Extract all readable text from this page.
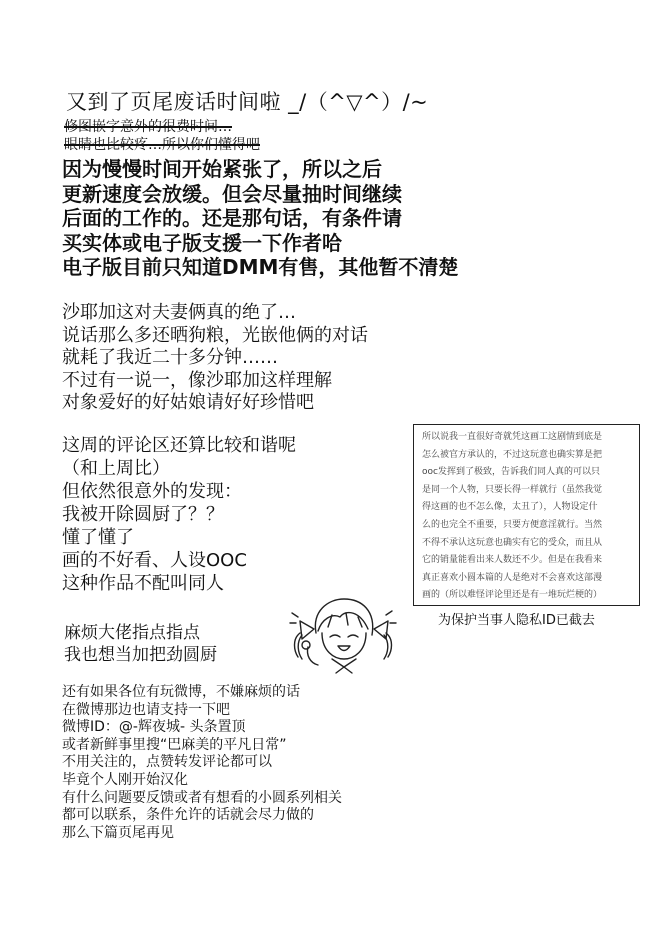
又到了页尾废话时间啦 _/（^▽^）/~
修图嵌字意外的很费时间…
眼睛也比较疼…所以你们懂得吧
因为慢慢时间开始紧张了，所以之后
更新速度会放缓。但会尽量抽时间继续
后面的工作的。还是那句话，有条件请
买实体或电子版支援一下作者哈
电子版目前只知道DMM有售，其他暂不清楚
沙耶加这对夫妻俩真的绝了…
说话那么多还晒狗粮，光嵌他俩的对话
就耗了我近二十多分钟……
不过有一说一，像沙耶加这样理解
对象爱好的好姑娘请好好珍惜吧
这周的评论区还算比较和谐呢
（和上周比）
但依然很意外的发现：
我被开除圆厨了？？
懂了懂了
画的不好看、人设OOC
这种作品不配叫同人
所以说我一直很好奇就凭这画工这剧情到底是
怎么被官方承认的，不过这玩意也确实算是把
ooc发挥到了极致，告诉我们同人真的可以只
是同一个人物，只要长得一样就行（虽然我觉
得这画的也不怎么像，太丑了），人物设定什
么的也完全不重要，只要方便意淫就行。当然
不得不承认这玩意也确实有它的受众，而且从
它的销量能看出来人数还不少。但是在我看来
真正喜欢小圆本篇的人是绝对不会喜欢这部漫
画的（所以难怪评论里还是有一堆玩烂梗的）
为保护当事人隐私ID已截去
麻烦大佬指点指点
我也想当加把劲圆厨
还有如果各位有玩微博，不嫌麻烦的话
在微博那边也请支持一下吧
微博ID：@-辉夜城- 头条置顶
或者新鲜事里搜“巴麻美的平凡日常”
不用关注的，点赞转发评论都可以
毕竟个人刚开始汉化
有什么问题要反馈或者有想看的小圆系列相关
都可以联系，条件允许的话就会尽力做的
那么下篇页尾再见
